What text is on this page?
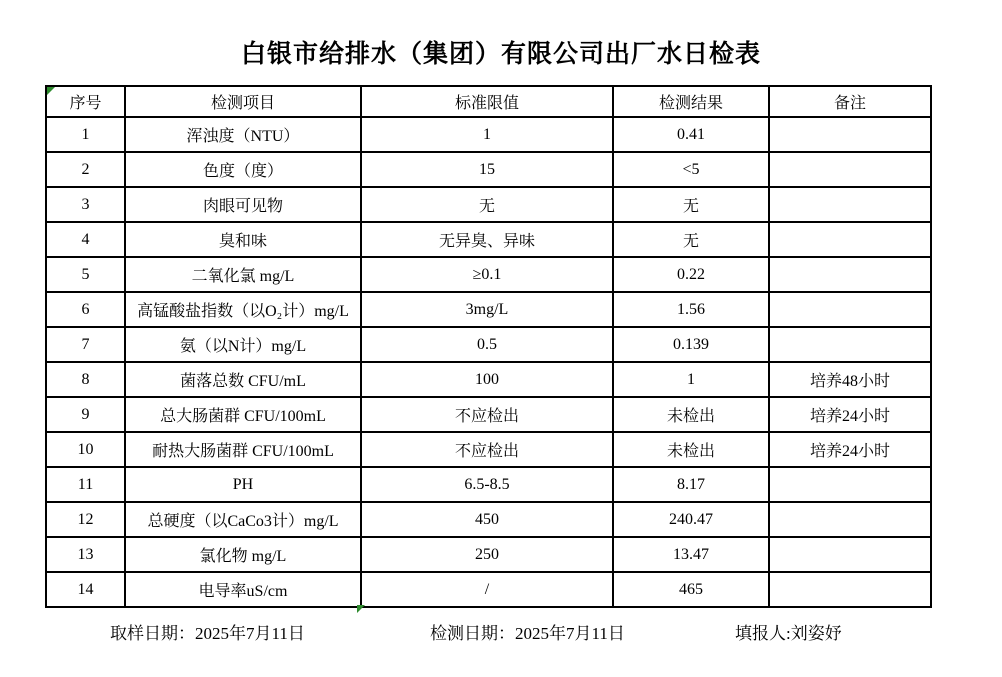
白银市给排水（集团）有限公司出厂水日检表
序号	检测项目	标准限值	检测结果	备注
1	浑浊度（NTU）	1	0.41	
2	色度（度）	15	<5	
3	肉眼可见物	无	无	
4	臭和味	无异臭、异味	无	
5	二氧化氯 mg/L	≥0.1	0.22	
6	高锰酸盐指数（以O₂计）mg/L	3mg/L	1.56	
7	氨（以N计）mg/L	0.5	0.139	
8	菌落总数 CFU/mL	100	1	培养48小时
9	总大肠菌群 CFU/100mL	不应检出	未检出	培养24小时
10	耐热大肠菌群 CFU/100mL	不应检出	未检出	培养24小时
11	PH	6.5-8.5	8.17	
12	总硬度（以CaCo3计）mg/L	450	240.47	
13	氯化物 mg/L	250	13.47	
14	电导率uS/cm	/	465	
取样日期：2025年7月11日	检测日期：2025年7月11日	填报人:刘姿妤
